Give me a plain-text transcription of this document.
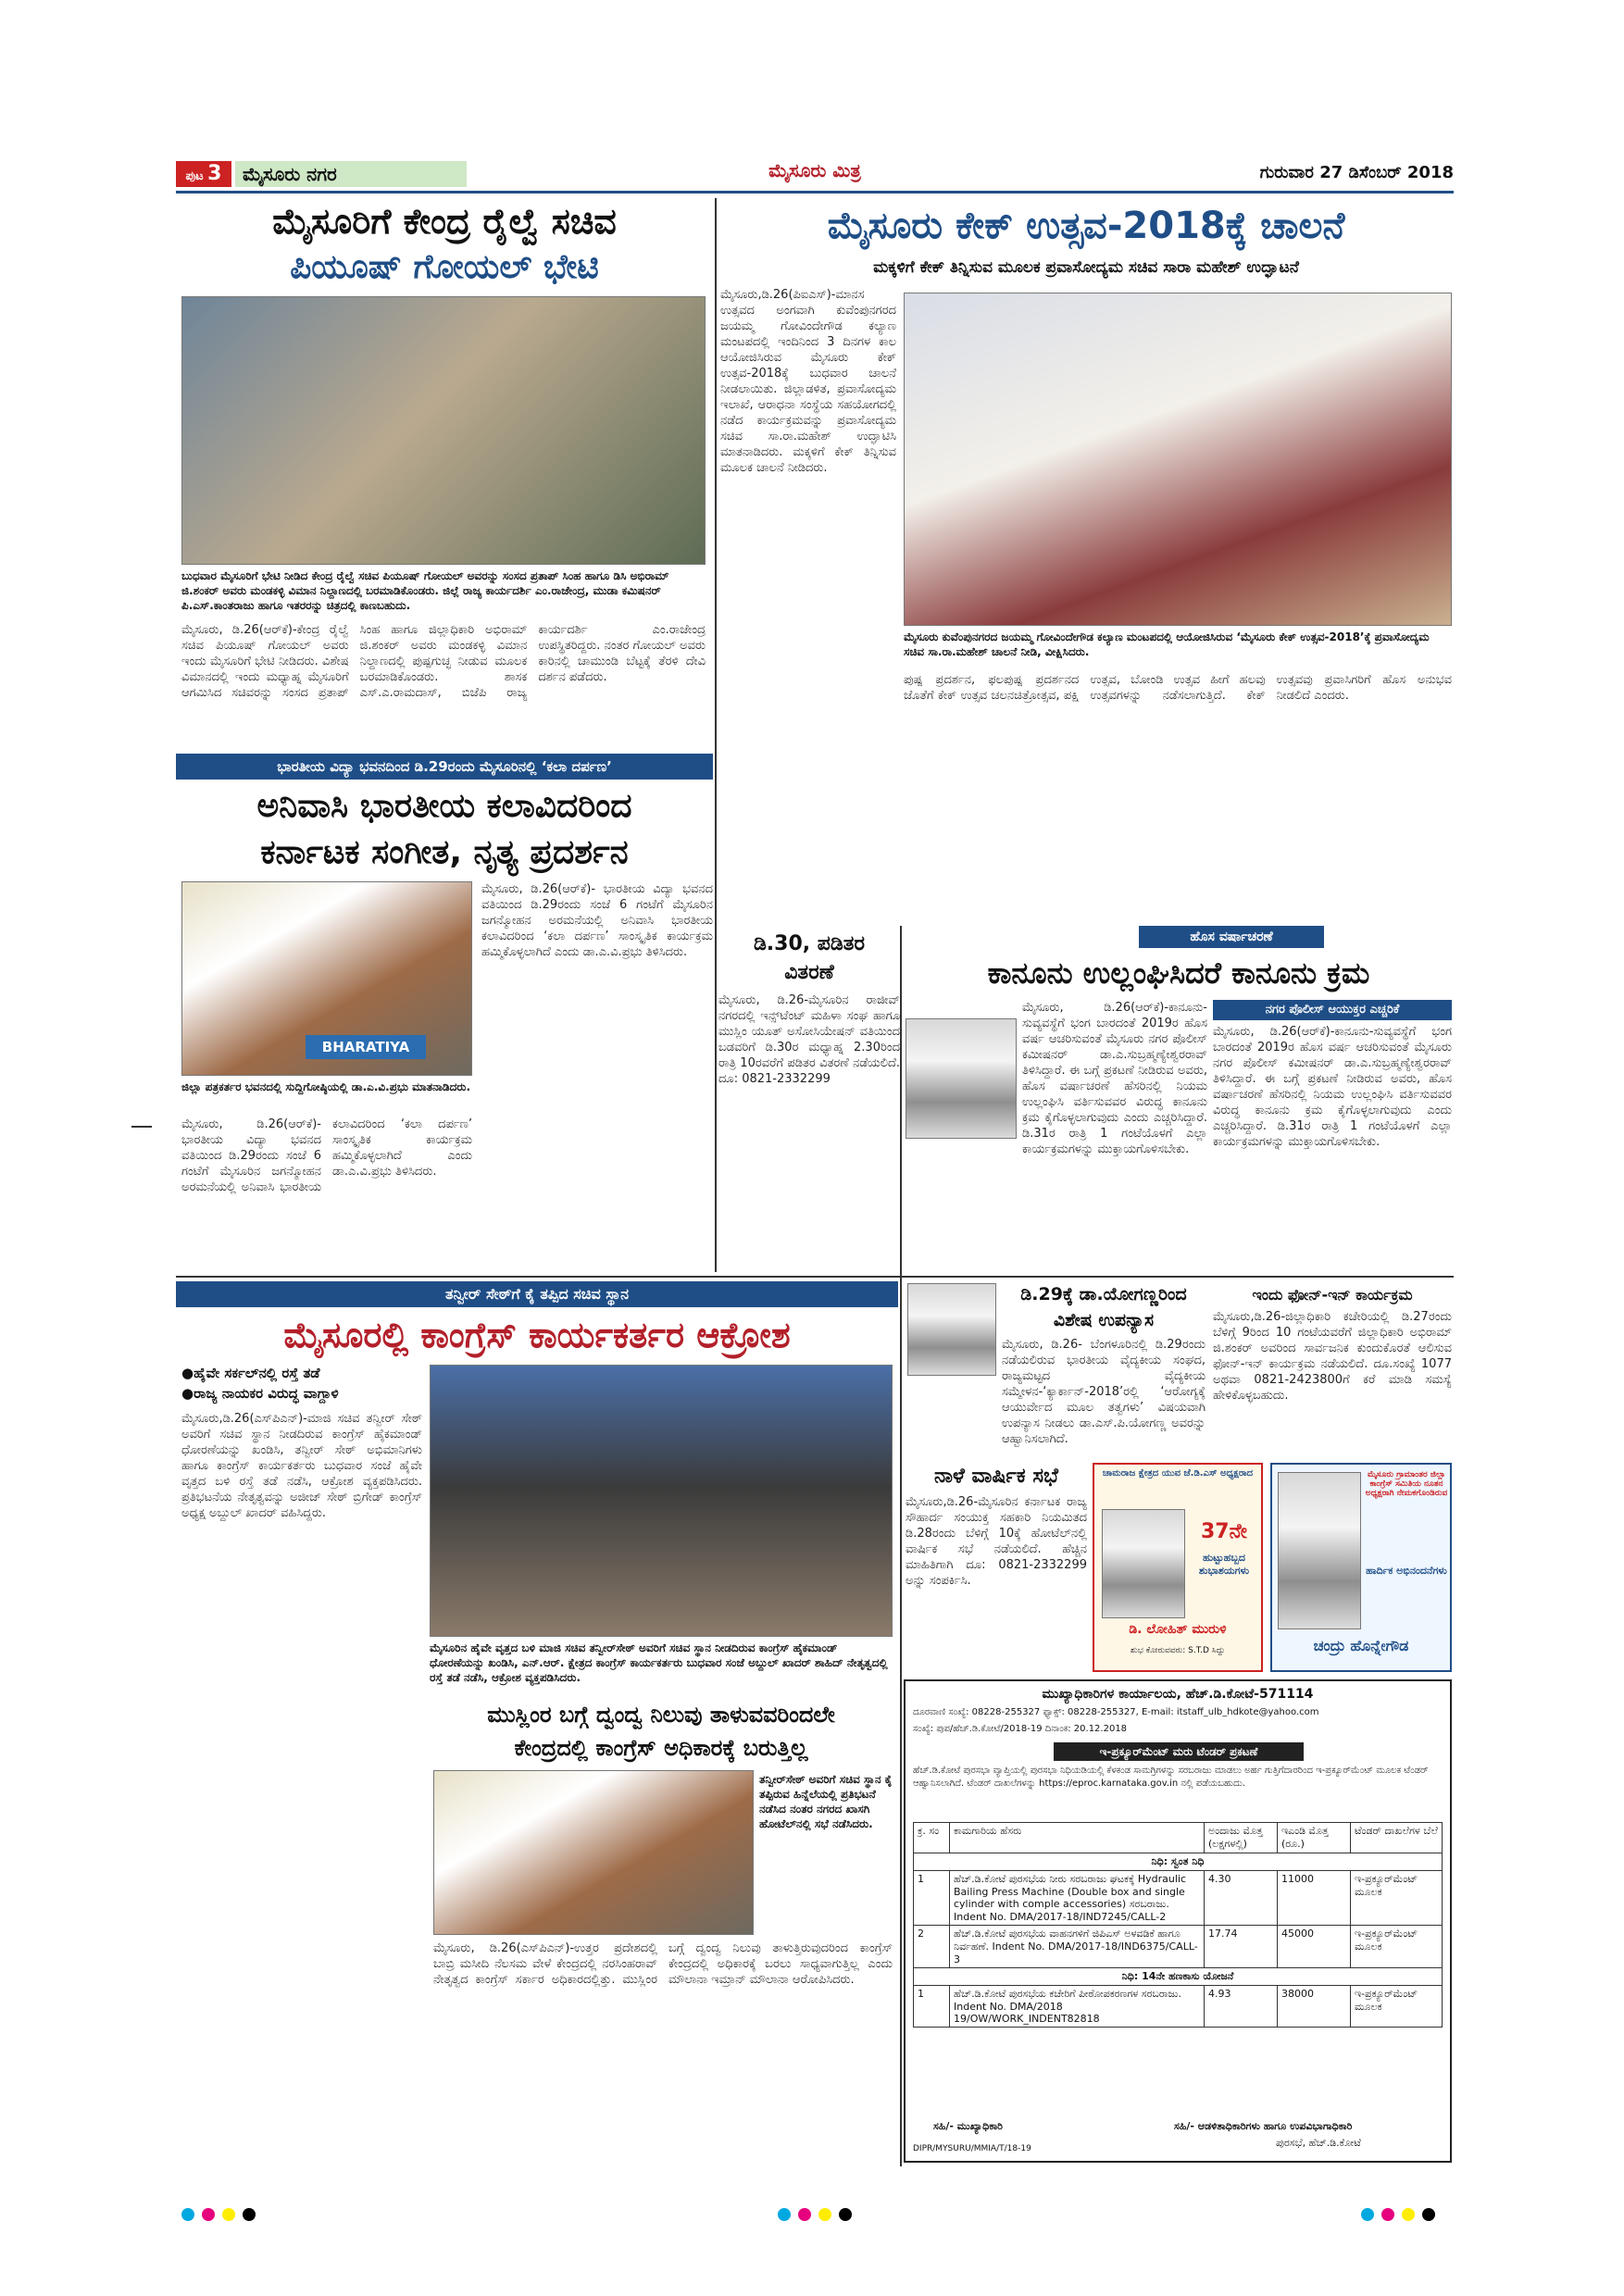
ಪುಟ 3	ಮೈಸೂರು ನಗರ	ಮೈಸೂರು ಮಿತ್ರ	ಗುರುವಾರ 27 ಡಿಸೆಂಬರ್ 2018
ಮೈಸೂರಿಗೆ ಕೇಂದ್ರ ರೈಲ್ವೆ ಸಚಿವ
ಪಿಯೂಷ್ ಗೋಯಲ್ ಭೇಟಿ
ಬುಧವಾರ ಮೈಸೂರಿಗೆ ಭೇಟಿ ನೀಡಿದ ಕೇಂದ್ರ ರೈಲ್ವೆ ಸಚಿವ ಪಿಯೂಷ್ ಗೋಯಲ್ ಅವರನ್ನು ಸಂಸದ ಪ್ರತಾಪ್ ಸಿಂಹ ಹಾಗೂ ಡಿಸಿ ಅಭಿರಾಮ್ ಜಿ.ಶಂಕರ್ ಅವರು ಮಂಡಕಳ್ಳಿ ವಿಮಾನ ನಿಲ್ದಾಣದಲ್ಲಿ ಬರಮಾಡಿಕೊಂಡರು. ಜಿಲ್ಲೆ ರಾಜ್ಯ ಕಾರ್ಯದರ್ಶಿ ಎಂ.ರಾಜೇಂದ್ರ, ಮುಡಾ ಕಮಿಷನರ್ ಪಿ.ಎಸ್.ಕಾಂತರಾಜು ಹಾಗೂ ಇತರರನ್ನು ಚಿತ್ರದಲ್ಲಿ ಕಾಣಬಹುದು.
ಮೈಸೂರು, ಡಿ.26(ಆರ್‌ಕೆ)-ಕೇಂದ್ರ ರೈಲ್ವೆ ಸಚಿವ ಪಿಯೂಷ್ ಗೋಯಲ್ ಅವರು ಇಂದು ಮೈಸೂರಿಗೆ ಭೇಟಿ ನೀಡಿದರು. ವಿಶೇಷ ವಿಮಾನದಲ್ಲಿ ಇಂದು ಮಧ್ಯಾಹ್ನ ಮೈಸೂರಿಗೆ ಆಗಮಿಸಿದ ಸಚಿವರನ್ನು ಸಂಸದ ಪ್ರತಾಪ್ ಸಿಂಹ ಹಾಗೂ ಜಿಲ್ಲಾಧಿಕಾರಿ ಅಭಿರಾಮ್ ಜಿ.ಶಂಕರ್ ಅವರು ಮಂಡಕಳ್ಳಿ ವಿಮಾನ ನಿಲ್ದಾಣದಲ್ಲಿ ಪುಷ್ಪಗುಚ್ಛ ನೀಡುವ ಮೂಲಕ ಬರಮಾಡಿಕೊಂಡರು. ಶಾಸಕ ಎಸ್.ಎ.ರಾಮದಾಸ್, ಬಿಜೆಪಿ ರಾಜ್ಯ ಕಾರ್ಯದರ್ಶಿ ಎಂ.ರಾಜೇಂದ್ರ ಉಪಸ್ಥಿತರಿದ್ದರು. ನಂತರ ಗೋಯಲ್ ಅವರು ಕಾರಿನಲ್ಲಿ ಚಾಮುಂಡಿ ಬೆಟ್ಟಕ್ಕೆ ತೆರಳಿ ದೇವಿ ದರ್ಶನ ಪಡೆದರು.
ಮೈಸೂರು ಕೇಕ್ ಉತ್ಸವ-2018ಕ್ಕೆ ಚಾಲನೆ
ಮಕ್ಕಳಿಗೆ ಕೇಕ್ ತಿನ್ನಿಸುವ ಮೂಲಕ ಪ್ರವಾಸೋದ್ಯಮ ಸಚಿವ ಸಾರಾ ಮಹೇಶ್ ಉದ್ಘಾಟನೆ
ಮೈಸೂರು,ಡಿ.26(ಪಿಐಎಸ್)-ಮಾನಸ ಉತ್ಸವದ ಅಂಗವಾಗಿ ಕುವೆಂಪುನಗರದ ಜಯಮ್ಮ ಗೋವಿಂದೇಗೌಡ ಕಲ್ಯಾಣ ಮಂಟಪದಲ್ಲಿ ಇಂದಿನಿಂದ 3 ದಿನಗಳ ಕಾಲ ಆಯೋಜಿಸಿರುವ ಮೈಸೂರು ಕೇಕ್ ಉತ್ಸವ-2018ಕ್ಕೆ ಬುಧವಾರ ಚಾಲನೆ ನೀಡಲಾಯಿತು. ಜಿಲ್ಲಾಡಳಿತ, ಪ್ರವಾಸೋದ್ಯಮ ಇಲಾಖೆ, ಆರಾಧನಾ ಸಂಸ್ಥೆಯ ಸಹಯೋಗದಲ್ಲಿ ನಡೆದ ಕಾರ್ಯಕ್ರಮವನ್ನು ಪ್ರವಾಸೋದ್ಯಮ ಸಚಿವ ಸಾ.ರಾ.ಮಹೇಶ್ ಉದ್ಘಾಟಿಸಿ ಮಾತನಾಡಿದರು. ಮಕ್ಕಳಿಗೆ ಕೇಕ್ ತಿನ್ನಿಸುವ ಮೂಲಕ ಚಾಲನೆ ನೀಡಿದರು.
ಮೈಸೂರು ಕುವೆಂಪುನಗರದ ಜಯಮ್ಮ ಗೋವಿಂದೇಗೌಡ ಕಲ್ಯಾಣ ಮಂಟಪದಲ್ಲಿ ಆಯೋಜಿಸಿರುವ ‘ಮೈಸೂರು ಕೇಕ್ ಉತ್ಸವ-2018’ಕ್ಕೆ ಪ್ರವಾಸೋದ್ಯಮ ಸಚಿವ ಸಾ.ರಾ.ಮಹೇಶ್ ಚಾಲನೆ ನೀಡಿ, ವೀಕ್ಷಿಸಿದರು.
ಪುಷ್ಪ ಪ್ರದರ್ಶನ, ಫಲಪುಷ್ಪ ಪ್ರದರ್ಶನದ ಜೊತೆಗೆ ಕೇಕ್ ಉತ್ಸವ ಚಲನಚಿತ್ರೋತ್ಸವ, ಪಕ್ಷಿ ಉತ್ಸವ, ಬೋಂಡಿ ಉತ್ಸವ ಹೀಗೆ ಹಲವು ಉತ್ಸವಗಳನ್ನು ನಡೆಸಲಾಗುತ್ತಿದೆ. ಕೇಕ್ ಉತ್ಸವವು ಪ್ರವಾಸಿಗರಿಗೆ ಹೊಸ ಅನುಭವ ನೀಡಲಿದೆ ಎಂದರು.
ಭಾರತೀಯ ವಿದ್ಯಾ ಭವನದಿಂದ ಡಿ.29ರಂದು ಮೈಸೂರಿನಲ್ಲಿ ‘ಕಲಾ ದರ್ಪಣ’
ಅನಿವಾಸಿ ಭಾರತೀಯ ಕಲಾವಿದರಿಂದ
ಕರ್ನಾಟಕ ಸಂಗೀತ, ನೃತ್ಯ ಪ್ರದರ್ಶನ
BHARATIYA
ಜಿಲ್ಲಾ ಪತ್ರಕರ್ತರ ಭವನದಲ್ಲಿ ಸುದ್ದಿಗೋಷ್ಠಿಯಲ್ಲಿ ಡಾ.ಎ.ವಿ.ಪ್ರಭು ಮಾತನಾಡಿದರು.
ಮೈಸೂರು, ಡಿ.26(ಆರ್‌ಕೆ)- ಭಾರತೀಯ ವಿದ್ಯಾ ಭವನದ ವತಿಯಿಂದ ಡಿ.29ರಂದು ಸಂಜೆ 6 ಗಂಟೆಗೆ ಮೈಸೂರಿನ ಜಗನ್ಮೋಹನ ಅರಮನೆಯಲ್ಲಿ ಅನಿವಾಸಿ ಭಾರತೀಯ ಕಲಾವಿದರಿಂದ ‘ಕಲಾ ದರ್ಪಣ’ ಸಾಂಸ್ಕೃತಿಕ ಕಾರ್ಯಕ್ರಮ ಹಮ್ಮಿಕೊಳ್ಳಲಾಗಿದೆ ಎಂದು ಡಾ.ಎ.ವಿ.ಪ್ರಭು ತಿಳಿಸಿದರು.
ಮೈಸೂರು, ಡಿ.26(ಆರ್‌ಕೆ)- ಭಾರತೀಯ ವಿದ್ಯಾ ಭವನದ ವತಿಯಿಂದ ಡಿ.29ರಂದು ಸಂಜೆ 6 ಗಂಟೆಗೆ ಮೈಸೂರಿನ ಜಗನ್ಮೋಹನ ಅರಮನೆಯಲ್ಲಿ ಅನಿವಾಸಿ ಭಾರತೀಯ ಕಲಾವಿದರಿಂದ ‘ಕಲಾ ದರ್ಪಣ’ ಸಾಂಸ್ಕೃತಿಕ ಕಾರ್ಯಕ್ರಮ ಹಮ್ಮಿಕೊಳ್ಳಲಾಗಿದೆ ಎಂದು ಡಾ.ಎ.ವಿ.ಪ್ರಭು ತಿಳಿಸಿದರು.
ಡಿ.30, ಪಡಿತರ
ವಿತರಣೆ
ಮೈಸೂರು, ಡಿ.26-ಮೈಸೂರಿನ ರಾಜೀವ್ ನಗರದಲ್ಲಿ ಇನ್ಸ್‌ಟೆಂಟ್ ಮಹಿಳಾ ಸಂಘ ಹಾಗೂ ಮುಸ್ಲಿಂ ಯೂತ್ ಅಸೋಸಿಯೇಷನ್ ವತಿಯಿಂದ ಬಡವರಿಗೆ ಡಿ.30ರ ಮಧ್ಯಾಹ್ನ 2.30ರಿಂದ ರಾತ್ರಿ 10ರವರೆಗೆ ಪಡಿತರ ವಿತರಣೆ ನಡೆಯಲಿದೆ. ದೂ: 0821-2332299
ಹೊಸ ವರ್ಷಾಚರಣೆ
ಕಾನೂನು ಉಲ್ಲಂಘಿಸಿದರೆ ಕಾನೂನು ಕ್ರಮ
ನಗರ ಪೊಲೀಸ್ ಆಯುಕ್ತರ ಎಚ್ಚರಿಕೆ
ಮೈಸೂರು, ಡಿ.26(ಆರ್‌ಕೆ)-ಕಾನೂನು-ಸುವ್ಯವಸ್ಥೆಗೆ ಭಂಗ ಬಾರದಂತೆ 2019ರ ಹೊಸ ವರ್ಷ ಆಚರಿಸುವಂತೆ ಮೈಸೂರು ನಗರ ಪೊಲೀಸ್ ಕಮೀಷನರ್ ಡಾ.ಎ.ಸುಬ್ರಹ್ಮಣ್ಯೇಶ್ವರರಾವ್ ತಿಳಿಸಿದ್ದಾರೆ. ಈ ಬಗ್ಗೆ ಪ್ರಕಟಣೆ ನೀಡಿರುವ ಅವರು, ಹೊಸ ವರ್ಷಾಚರಣೆ ಹೆಸರಿನಲ್ಲಿ ನಿಯಮ ಉಲ್ಲಂಘಿಸಿ ವರ್ತಿಸುವವರ ವಿರುದ್ಧ ಕಾನೂನು ಕ್ರಮ ಕೈಗೊಳ್ಳಲಾಗುವುದು ಎಂದು ಎಚ್ಚರಿಸಿದ್ದಾರೆ. ಡಿ.31ರ ರಾತ್ರಿ 1 ಗಂಟೆಯೊಳಗೆ ಎಲ್ಲಾ ಕಾರ್ಯಕ್ರಮಗಳನ್ನು ಮುಕ್ತಾಯಗೊಳಿಸಬೇಕು.
ಮೈಸೂರು, ಡಿ.26(ಆರ್‌ಕೆ)-ಕಾನೂನು-ಸುವ್ಯವಸ್ಥೆಗೆ ಭಂಗ ಬಾರದಂತೆ 2019ರ ಹೊಸ ವರ್ಷ ಆಚರಿಸುವಂತೆ ಮೈಸೂರು ನಗರ ಪೊಲೀಸ್ ಕಮೀಷನರ್ ಡಾ.ಎ.ಸುಬ್ರಹ್ಮಣ್ಯೇಶ್ವರರಾವ್ ತಿಳಿಸಿದ್ದಾರೆ. ಈ ಬಗ್ಗೆ ಪ್ರಕಟಣೆ ನೀಡಿರುವ ಅವರು, ಹೊಸ ವರ್ಷಾಚರಣೆ ಹೆಸರಿನಲ್ಲಿ ನಿಯಮ ಉಲ್ಲಂಘಿಸಿ ವರ್ತಿಸುವವರ ವಿರುದ್ಧ ಕಾನೂನು ಕ್ರಮ ಕೈಗೊಳ್ಳಲಾಗುವುದು ಎಂದು ಎಚ್ಚರಿಸಿದ್ದಾರೆ. ಡಿ.31ರ ರಾತ್ರಿ 1 ಗಂಟೆಯೊಳಗೆ ಎಲ್ಲಾ ಕಾರ್ಯಕ್ರಮಗಳನ್ನು ಮುಕ್ತಾಯಗೊಳಿಸಬೇಕು.
ತನ್ವೀರ್ ಸೇಠ್‌ಗೆ ಕೈ ತಪ್ಪಿದ ಸಚಿವ ಸ್ಥಾನ
ಮೈಸೂರಲ್ಲಿ ಕಾಂಗ್ರೆಸ್ ಕಾರ್ಯಕರ್ತರ ಆಕ್ರೋಶ
●ಹೈವೇ ಸರ್ಕಲ್‌ನಲ್ಲಿ ರಸ್ತೆ ತಡೆ
●ರಾಜ್ಯ ನಾಯಕರ ವಿರುದ್ಧ ವಾಗ್ದಾಳಿ
ಮೈಸೂರು,ಡಿ.26(ಎಸ್‌ಪಿಎನ್)-ಮಾಜಿ ಸಚಿವ ತನ್ವೀರ್ ಸೇಠ್ ಅವರಿಗೆ ಸಚಿವ ಸ್ಥಾನ ನೀಡದಿರುವ ಕಾಂಗ್ರೆಸ್ ಹೈಕಮಾಂಡ್ ಧೋರಣೆಯನ್ನು ಖಂಡಿಸಿ, ತನ್ವೀರ್ ಸೇಠ್ ಅಭಿಮಾನಿಗಳು ಹಾಗೂ ಕಾಂಗ್ರೆಸ್ ಕಾರ್ಯಕರ್ತರು ಬುಧವಾರ ಸಂಜೆ ಹೈವೇ ವೃತ್ತದ ಬಳಿ ರಸ್ತೆ ತಡೆ ನಡೆಸಿ, ಆಕ್ರೋಶ ವ್ಯಕ್ತಪಡಿಸಿದರು. ಪ್ರತಿಭಟನೆಯ ನೇತೃತ್ವವನ್ನು ಅಜೀಜ್ ಸೇಠ್ ಬ್ರಿಗೇಡ್ ಕಾಂಗ್ರೆಸ್ ಅಧ್ಯಕ್ಷ ಅಬ್ದುಲ್ ಖಾದರ್ ವಹಿಸಿದ್ದರು.
ಮೈಸೂರಿನ ಹೈವೇ ವೃತ್ತದ ಬಳಿ ಮಾಜಿ ಸಚಿವ ತನ್ವೀರ್‌ಸೇಠ್ ಅವರಿಗೆ ಸಚಿವ ಸ್ಥಾನ ನೀಡದಿರುವ ಕಾಂಗ್ರೆಸ್ ಹೈಕಮಾಂಡ್ ಧೋರಣೆಯನ್ನು ಖಂಡಿಸಿ, ಎನ್.ಆರ್. ಕ್ಷೇತ್ರದ ಕಾಂಗ್ರೆಸ್ ಕಾರ್ಯಕರ್ತರು ಬುಧವಾರ ಸಂಜೆ ಅಬ್ದುಲ್ ಖಾದರ್ ಶಾಹಿದ್ ನೇತೃತ್ವದಲ್ಲಿ ರಸ್ತೆ ತಡೆ ನಡೆಸಿ, ಆಕ್ರೋಶ ವ್ಯಕ್ತಪಡಿಸಿದರು.
ಮುಸ್ಲಿಂರ ಬಗ್ಗೆ ದ್ವಂದ್ವ ನಿಲುವು ತಾಳುವವರಿಂದಲೇ
ಕೇಂದ್ರದಲ್ಲಿ ಕಾಂಗ್ರೆಸ್ ಅಧಿಕಾರಕ್ಕೆ ಬರುತ್ತಿಲ್ಲ
ತನ್ವೀರ್‌ಸೇಠ್ ಅವರಿಗೆ ಸಚಿವ ಸ್ಥಾನ ಕೈ ತಪ್ಪಿರುವ ಹಿನ್ನೆಲೆಯಲ್ಲಿ ಪ್ರತಿಭಟನೆ ನಡೆಸಿದ ನಂತರ ನಗರದ ಖಾಸಗಿ ಹೋಟೆಲ್‌ನಲ್ಲಿ ಸಭೆ ನಡೆಸಿದರು.
ಮೈಸೂರು, ಡಿ.26(ಎಸ್‌ಪಿಎನ್)-ಉತ್ತರ ಪ್ರದೇಶದಲ್ಲಿ ಬಾಬ್ರಿ ಮಸೀದಿ ನೆಲಸಮ ವೇಳೆ ಕೇಂದ್ರದಲ್ಲಿ ನರಸಿಂಹರಾವ್ ನೇತೃತ್ವದ ಕಾಂಗ್ರೆಸ್ ಸರ್ಕಾರ ಅಧಿಕಾರದಲ್ಲಿತ್ತು. ಮುಸ್ಲಿಂರ ಬಗ್ಗೆ ದ್ವಂದ್ವ ನಿಲುವು ತಾಳುತ್ತಿರುವುದರಿಂದ ಕಾಂಗ್ರೆಸ್ ಕೇಂದ್ರದಲ್ಲಿ ಅಧಿಕಾರಕ್ಕೆ ಬರಲು ಸಾಧ್ಯವಾಗುತ್ತಿಲ್ಲ ಎಂದು ಮೌಲಾನಾ ಇಮ್ರಾನ್ ಮೌಲಾನಾ ಆರೋಪಿಸಿದರು.
ಡಿ.29ಕ್ಕೆ ಡಾ.ಯೋಗಣ್ಣರಿಂದ
ವಿಶೇಷ ಉಪನ್ಯಾಸ
ಮೈಸೂರು, ಡಿ.26- ಬೆಂಗಳೂರಿನಲ್ಲಿ ಡಿ.29ರಂದು ನಡೆಯಲಿರುವ ಭಾರತೀಯ ವೈದ್ಯಕೀಯ ಸಂಘದ, ರಾಜ್ಯಮಟ್ಟದ ವೈದ್ಯಕೀಯ ಸಮ್ಮೇಳನ-‘ಕ್ಯಾರ್ಕಾನ್-2018’ರಲ್ಲಿ ‘ಆರೋಗ್ಯಕ್ಕೆ ಆಯುರ್ವೇದ ಮೂಲ ತತ್ವಗಳು’ ವಿಷಯವಾಗಿ ಉಪನ್ಯಾಸ ನೀಡಲು ಡಾ.ಎಸ್.ಪಿ.ಯೋಗಣ್ಣ ಅವರನ್ನು ಆಹ್ವಾನಿಸಲಾಗಿದೆ.
ಇಂದು ಫೋನ್-ಇನ್ ಕಾರ್ಯಕ್ರಮ
ಮೈಸೂರು,ಡಿ.26-ಜಿಲ್ಲಾಧಿಕಾರಿ ಕಚೇರಿಯಲ್ಲಿ ಡಿ.27ರಂದು ಬೆಳಿಗ್ಗೆ 9ರಿಂದ 10 ಗಂಟೆಯವರೆಗೆ ಜಿಲ್ಲಾಧಿಕಾರಿ ಅಭಿರಾಮ್ ಜಿ.ಶಂಕರ್ ಅವರಿಂದ ಸಾರ್ವಜನಿಕ ಕುಂದುಕೊರತೆ ಆಲಿಸುವ ಫೋನ್-ಇನ್ ಕಾರ್ಯಕ್ರಮ ನಡೆಯಲಿದೆ. ದೂ.ಸಂಖ್ಯೆ 1077 ಅಥವಾ 0821-2423800ಗೆ ಕರೆ ಮಾಡಿ ಸಮಸ್ಯೆ ಹೇಳಿಕೊಳ್ಳಬಹುದು.
ನಾಳೆ ವಾರ್ಷಿಕ ಸಭೆ
ಮೈಸೂರು,ಡಿ.26-ಮೈಸೂರಿನ ಕರ್ನಾಟಕ ರಾಜ್ಯ ಸೌಹಾರ್ದ ಸಂಯುಕ್ತ ಸಹಕಾರಿ ನಿಯಮಿತದ ಡಿ.28ರಂದು ಬೆಳಿಗ್ಗೆ 10ಕ್ಕೆ ಹೋಟೆಲ್‌ನಲ್ಲಿ ವಾರ್ಷಿಕ ಸಭೆ ನಡೆಯಲಿದೆ. ಹೆಚ್ಚಿನ ಮಾಹಿತಿಗಾಗಿ ದೂ: 0821-2332299 ಅನ್ನು ಸಂಪರ್ಕಿಸಿ.
ಚಾಮರಾಜ ಕ್ಷೇತ್ರದ ಯುವ ಜೆ.ಡಿ.ಎಸ್ ಅಧ್ಯಕ್ಷರಾದ
37ನೇ
ಹುಟ್ಟುಹಬ್ಬದ ಶುಭಾಶಯಗಳು
ಡಿ. ಲೋಹಿತ್ ಮುರುಳಿ
ಶುಭ ಕೋರುವವರು: S.T.D ಸಿದ್ದು
ಮೈಸೂರು ಗ್ರಾಮಾಂತರ ಜಿಲ್ಲಾ ಕಾಂಗ್ರೆಸ್ ಸಮಿತಿಯ ನೂತನ ಅಧ್ಯಕ್ಷರಾಗಿ ನೇಮಕಗೊಂಡಿರುವ
ಹಾರ್ದಿಕ ಅಭಿನಂದನೆಗಳು
ಚಂದ್ರು ಹೊನ್ನೇಗೌಡ
ಮುಖ್ಯಾಧಿಕಾರಿಗಳ ಕಾರ್ಯಾಲಯ, ಹೆಚ್.ಡಿ.ಕೋಟೆ-571114
ದೂರವಾಣಿ ಸಂಖ್ಯೆ: 08228-255327 ಫ್ಯಾಕ್ಸ್: 08228-255327, E-mail: itstaff_ulb_hdkote@yahoo.com
ಸಂಖ್ಯೆ: ಪುಪ/ಹೆಚ್.ಡಿ.ಕೋಟೆ/2018-19 ದಿನಾಂಕ: 20.12.2018
ಇ-ಪ್ರಕ್ಯೂರ್‌ಮೆಂಟ್ ಮರು ಟೆಂಡರ್ ಪ್ರಕಟಣೆ
ಹೆಚ್.ಡಿ.ಕೋಟೆ ಪುರಸಭಾ ವ್ಯಾಪ್ತಿಯಲ್ಲಿ ಪುರಸಭಾ ನಿಧಿಯಡಿಯಲ್ಲಿ ಕೆಳಕಂಡ ಸಾಮಗ್ರಿಗಳನ್ನು ಸರಬರಾಜು ಮಾಡಲು ಅರ್ಹ ಗುತ್ತಿಗೆದಾರರಿಂದ ಇ-ಪ್ರಕ್ಯೂರ್‌ಮೆಂಟ್ ಮೂಲಕ ಟೆಂಡರ್ ಆಹ್ವಾನಿಸಲಾಗಿದೆ. ಟೆಂಡರ್ ದಾಖಲೆಗಳನ್ನು https://eproc.karnataka.gov.in ನಲ್ಲಿ ಪಡೆಯಬಹುದು.
ಕ್ರ. ಸಂ	ಕಾಮಗಾರಿಯ ಹೆಸರು	ಅಂದಾಜು ಮೊತ್ತ (ಲಕ್ಷಗಳಲ್ಲಿ)	ಇಎಂಡಿ ಮೊತ್ತ (ರೂ.)	ಟೆಂಡರ್ ದಾಖಲೆಗಳ ಬೆಲೆ
ನಿಧಿ: ಸ್ವಂತ ನಿಧಿ				
1	ಹೆಚ್.ಡಿ.ಕೋಟೆ ಪುರಸಭೆಯ ನೀರು ಸರಬರಾಜು ಘಟಕಕ್ಕೆ Hydraulic Bailing Press Machine (Double box and single cylinder with comple accessories) ಸರಬರಾಜು. Indent No. DMA/2017-18/IND7245/CALL-2	4.30	11000	ಇ-ಪ್ರಕ್ಯೂರ್‌ಮೆಂಟ್ ಮೂಲಕ
2	ಹೆಚ್.ಡಿ.ಕೋಟೆ ಪುರಸಭೆಯ ವಾಹನಗಳಿಗೆ ಜಿಪಿಎಸ್ ಅಳವಡಿಕೆ ಹಾಗೂ ನಿರ್ವಹಣೆ. Indent No. DMA/2017-18/IND6375/CALL-3	17.74	45000	ಇ-ಪ್ರಕ್ಯೂರ್‌ಮೆಂಟ್ ಮೂಲಕ
ನಿಧಿ: 14ನೇ ಹಣಕಾಸು ಯೋಜನೆ				
1	ಹೆಚ್.ಡಿ.ಕೋಟೆ ಪುರಸಭೆಯ ಕಚೇರಿಗೆ ಪೀಠೋಪಕರಣಗಳ ಸರಬರಾಜು. Indent No. DMA/2018 19/OW/WORK_INDENT82818	4.93	38000	ಇ-ಪ್ರಕ್ಯೂರ್‌ಮೆಂಟ್ ಮೂಲಕ
ಸಹಿ/- ಮುಖ್ಯಾಧಿಕಾರಿ	ಸಹಿ/- ಆಡಳಿತಾಧಿಕಾರಿಗಳು ಹಾಗೂ ಉಪವಿಭಾಗಾಧಿಕಾರಿ
ಪುರಸಭೆ, ಹೆಚ್.ಡಿ.ಕೋಟೆ
DIPR/MYSURU/MMIA/T/18-19
